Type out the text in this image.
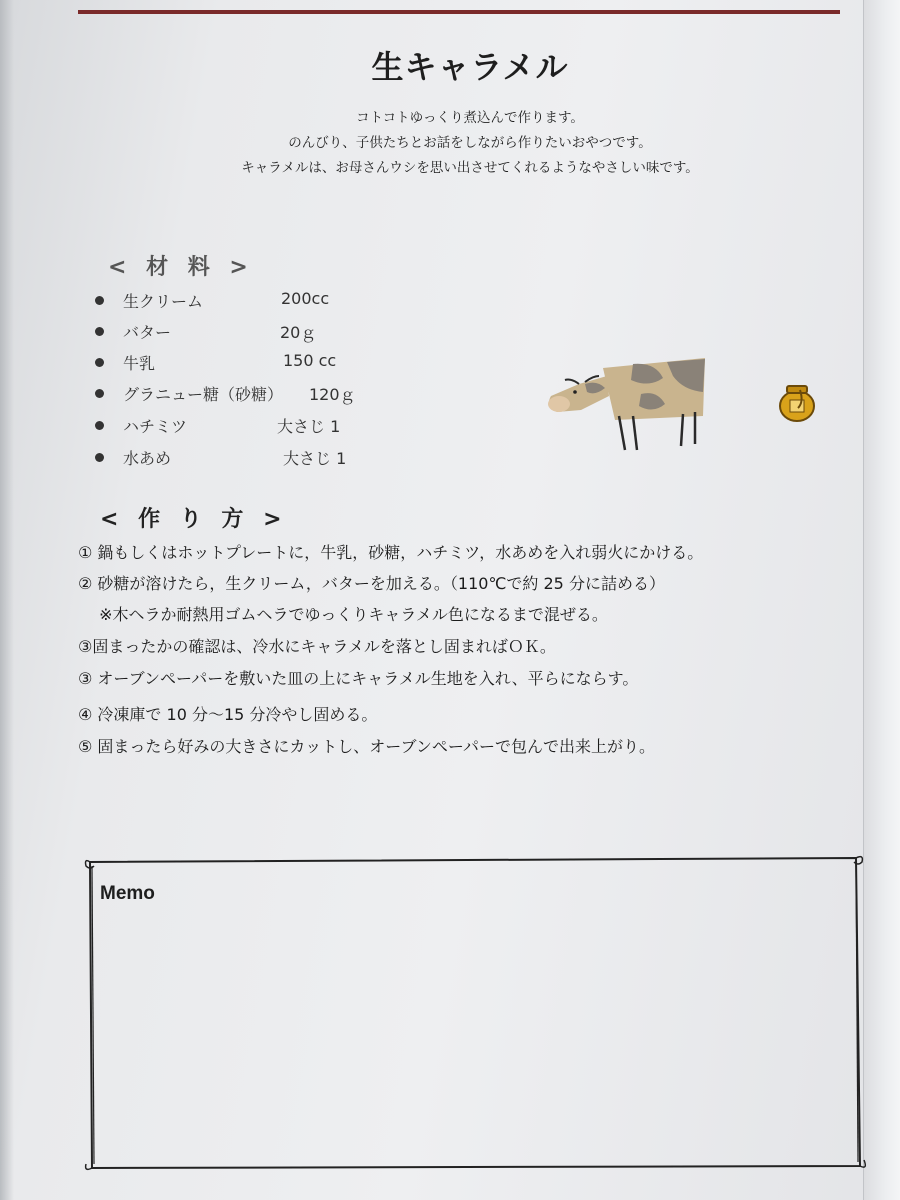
生キャラメル
コトコトゆっくり煮込んで作ります。
のんびり、子供たちとお話をしながら作りたいおやつです。
キャラメルは、お母さんウシを思い出させてくれるようなやさしい味です。
< 材 料 >
生クリーム	200cc
バター	20ｇ
牛乳	150 cc
グラニュー糖（砂糖） 120ｇ
ハチミツ	大さじ 1
水あめ	大さじ 1
< 作 り 方 >
① 鍋もしくはホットプレートに，牛乳，砂糖，ハチミツ，水あめを入れ弱火にかける。
② 砂糖が溶けたら，生クリーム，バターを加える。（110℃で約 25 分に詰める）
　 ※木ヘラか耐熱用ゴムヘラでゆっくりキャラメル色になるまで混ぜる。
③固まったかの確認は、冷水にキャラメルを落とし固まればＯＫ。
③ オーブンペーパーを敷いた皿の上にキャラメル生地を入れ、平らにならす。
④ 冷凍庫で 10 分～15 分冷やし固める。
⑤ 固まったら好みの大きさにカットし、オーブンペーパーで包んで出来上がり。
Memo
